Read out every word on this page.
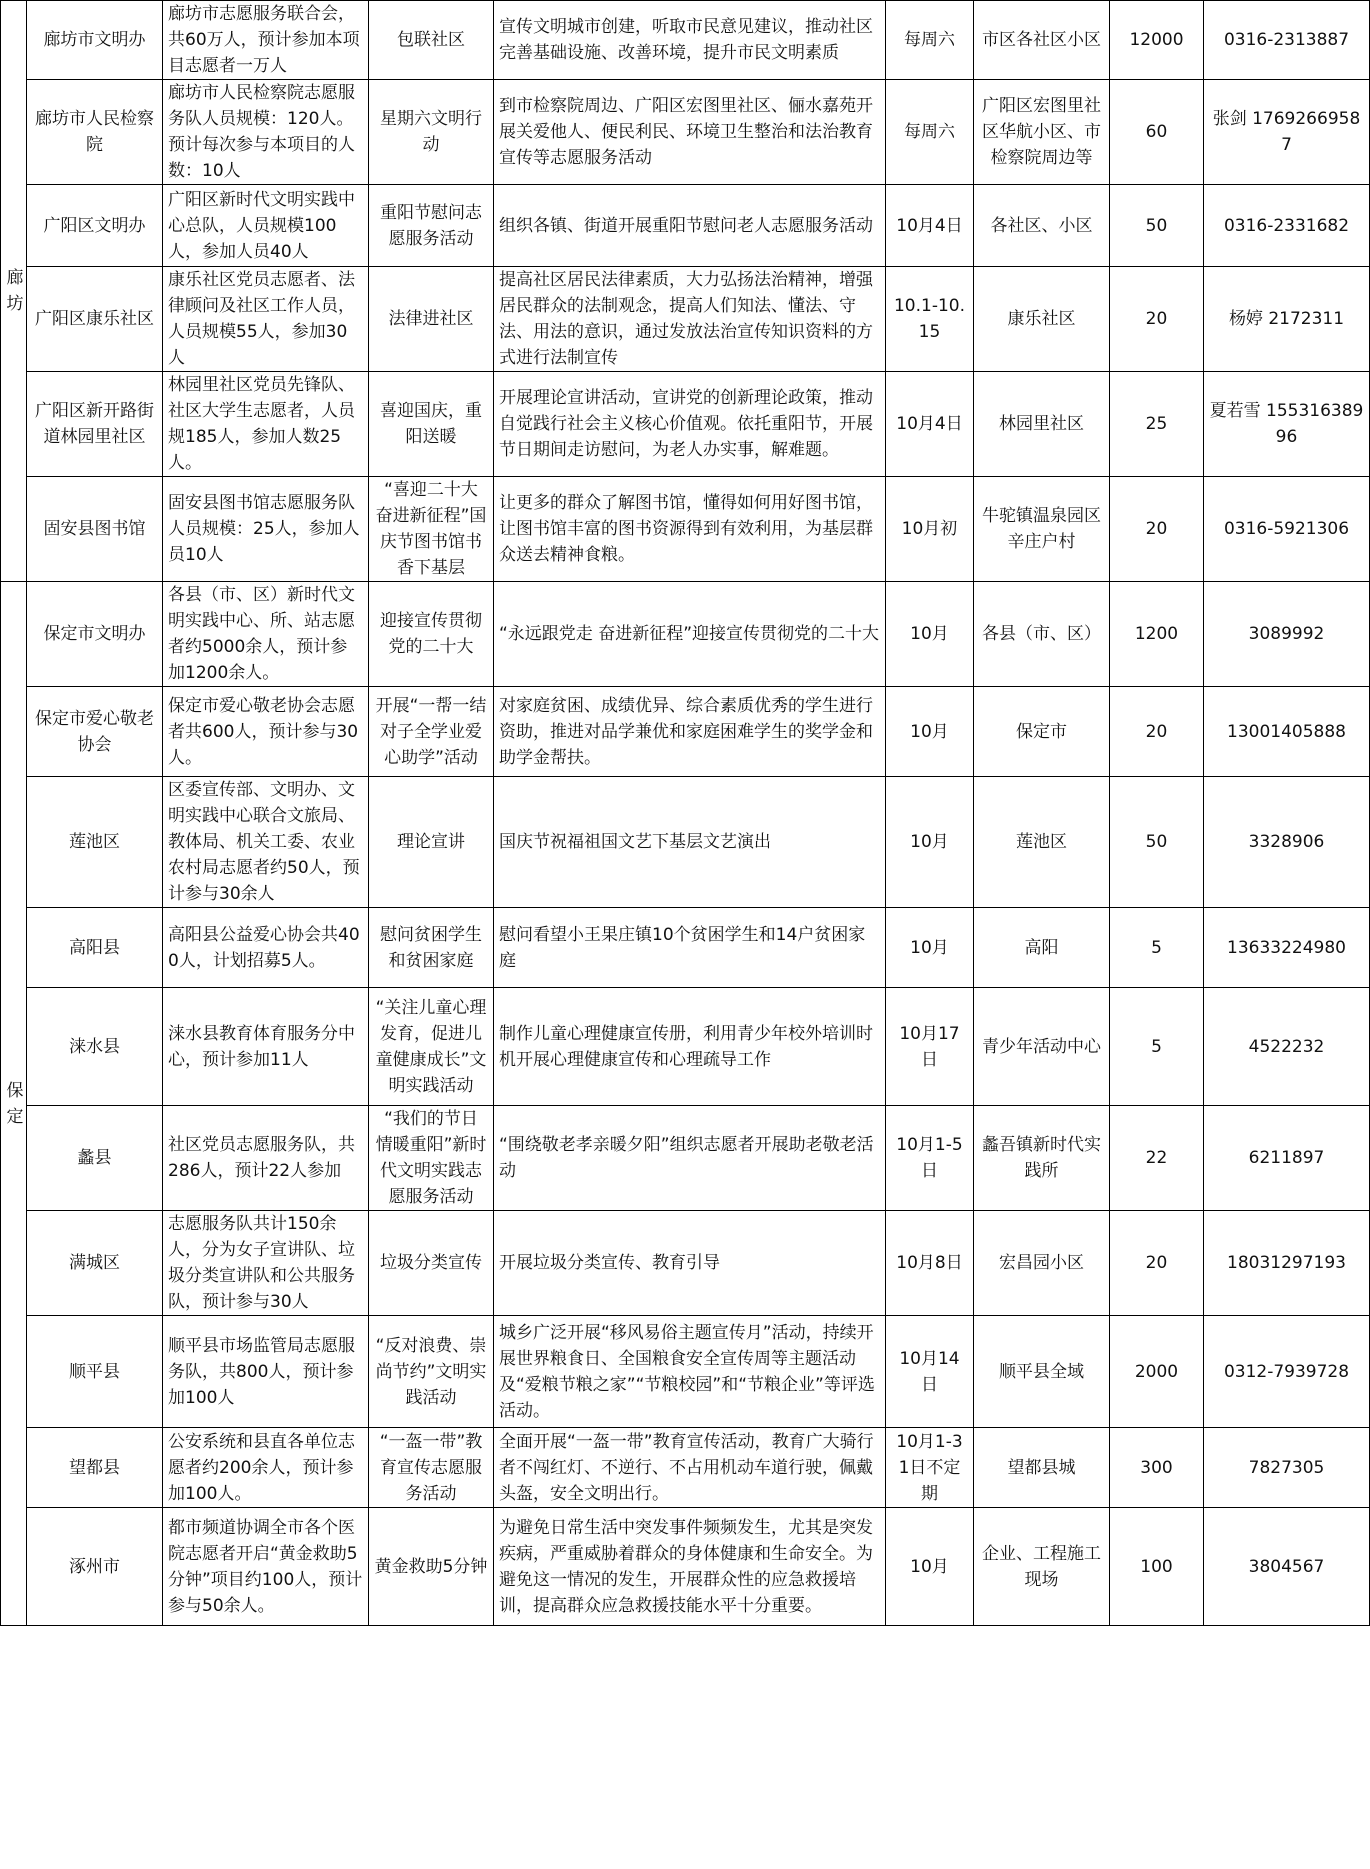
廊坊	廊坊市文明办	廊坊市志愿服务联合会，共60万人，预计参加本项目志愿者一万人	包联社区	宣传文明城市创建，听取市民意见建议，推动社区完善基础设施、改善环境，提升市民文明素质	每周六	市区各社区小区	12000	0316-2313887
	廊坊市人民检察院	廊坊市人民检察院志愿服务队人员规模：120人。预计每次参与本项目的人数：10人	星期六文明行动	到市检察院周边、广阳区宏图里社区、俪水嘉苑开展关爱他人、便民利民、环境卫生整治和法治教育宣传等志愿服务活动	每周六	广阳区宏图里社区华航小区、市检察院周边等	60	张剑 17692669587
	广阳区文明办	广阳区新时代文明实践中心总队，人员规模100人，参加人员40人	重阳节慰问志愿服务活动	组织各镇、街道开展重阳节慰问老人志愿服务活动	10月4日	各社区、小区	50	0316-2331682
	广阳区康乐社区	康乐社区党员志愿者、法律顾问及社区工作人员，人员规模55人，参加30人	法律进社区	提高社区居民法律素质，大力弘扬法治精神，增强居民群众的法制观念，提高人们知法、懂法、守法、用法的意识，通过发放法治宣传知识资料的方式进行法制宣传	10.1-10.15	康乐社区	20	杨婷 2172311
	广阳区新开路街道林园里社区	林园里社区党员先锋队、社区大学生志愿者，人员规185人，参加人数25人。	喜迎国庆，重阳送暖	开展理论宣讲活动，宣讲党的创新理论政策，推动自觉践行社会主义核心价值观。依托重阳节，开展节日期间走访慰问，为老人办实事，解难题。	10月4日	林园里社区	25	夏若雪 15531638996
	固安县图书馆	固安县图书馆志愿服务队人员规模：25人，参加人员10人	“喜迎二十大 奋进新征程”国庆节图书馆书香下基层	让更多的群众了解图书馆，懂得如何用好图书馆，让图书馆丰富的图书资源得到有效利用，为基层群众送去精神食粮。	10月初	牛驼镇温泉园区辛庄户村	20	0316-5921306
保定	保定市文明办	各县（市、区）新时代文明实践中心、所、站志愿者约5000余人，预计参加1200余人。	迎接宣传贯彻党的二十大	“永远跟党走 奋进新征程”迎接宣传贯彻党的二十大	10月	各县（市、区）	1200	3089992
	保定市爱心敬老协会	保定市爱心敬老协会志愿者共600人，预计参与30人。	开展“一帮一结对子全学业爱心助学”活动	对家庭贫困、成绩优异、综合素质优秀的学生进行资助，推进对品学兼优和家庭困难学生的奖学金和助学金帮扶。	10月	保定市	20	13001405888
	莲池区	区委宣传部、文明办、文明实践中心联合文旅局、教体局、机关工委、农业农村局志愿者约50人，预计参与30余人	理论宣讲	国庆节祝福祖国文艺下基层文艺演出	10月	莲池区	50	3328906
	高阳县	高阳县公益爱心协会共400人，计划招募5人。	慰问贫困学生和贫困家庭	慰问看望小王果庄镇10个贫困学生和14户贫困家庭	10月	高阳	5	13633224980
	涞水县	涞水县教育体育服务分中心，预计参加11人	“关注儿童心理发育，促进儿童健康成长”文明实践活动	制作儿童心理健康宣传册，利用青少年校外培训时机开展心理健康宣传和心理疏导工作	10月17日	青少年活动中心	5	4522232
	蠡县	社区党员志愿服务队，共286人，预计22人参加	“我们的节日 情暖重阳”新时代文明实践志愿服务活动	“围绕敬老孝亲暖夕阳”组织志愿者开展助老敬老活动	10月1-5日	蠡吾镇新时代实践所	22	6211897
	满城区	志愿服务队共计150余人，分为女子宣讲队、垃圾分类宣讲队和公共服务队，预计参与30人	垃圾分类宣传	开展垃圾分类宣传、教育引导	10月8日	宏昌园小区	20	18031297193
	顺平县	顺平县市场监管局志愿服务队，共800人，预计参加100人	“反对浪费、崇尚节约”文明实践活动	城乡广泛开展“移风易俗主题宣传月”活动，持续开展世界粮食日、全国粮食安全宣传周等主题活动及“爱粮节粮之家”“节粮校园”和“节粮企业”等评选活动。	10月14日	顺平县全域	2000	0312-7939728
	望都县	公安系统和县直各单位志愿者约200余人，预计参加100人。	“一盔一带”教育宣传志愿服务活动	全面开展“一盔一带”教育宣传活动，教育广大骑行者不闯红灯、不逆行、不占用机动车道行驶，佩戴头盔，安全文明出行。	10月1-31日不定期	望都县城	300	7827305
	涿州市	都市频道协调全市各个医院志愿者开启“黄金救助5分钟”项目约100人，预计参与50余人。	黄金救助5分钟	为避免日常生活中突发事件频频发生，尤其是突发疾病，严重威胁着群众的身体健康和生命安全。为避免这一情况的发生，开展群众性的应急救援培训，提高群众应急救援技能水平十分重要。	10月	企业、工程施工现场	100	3804567
